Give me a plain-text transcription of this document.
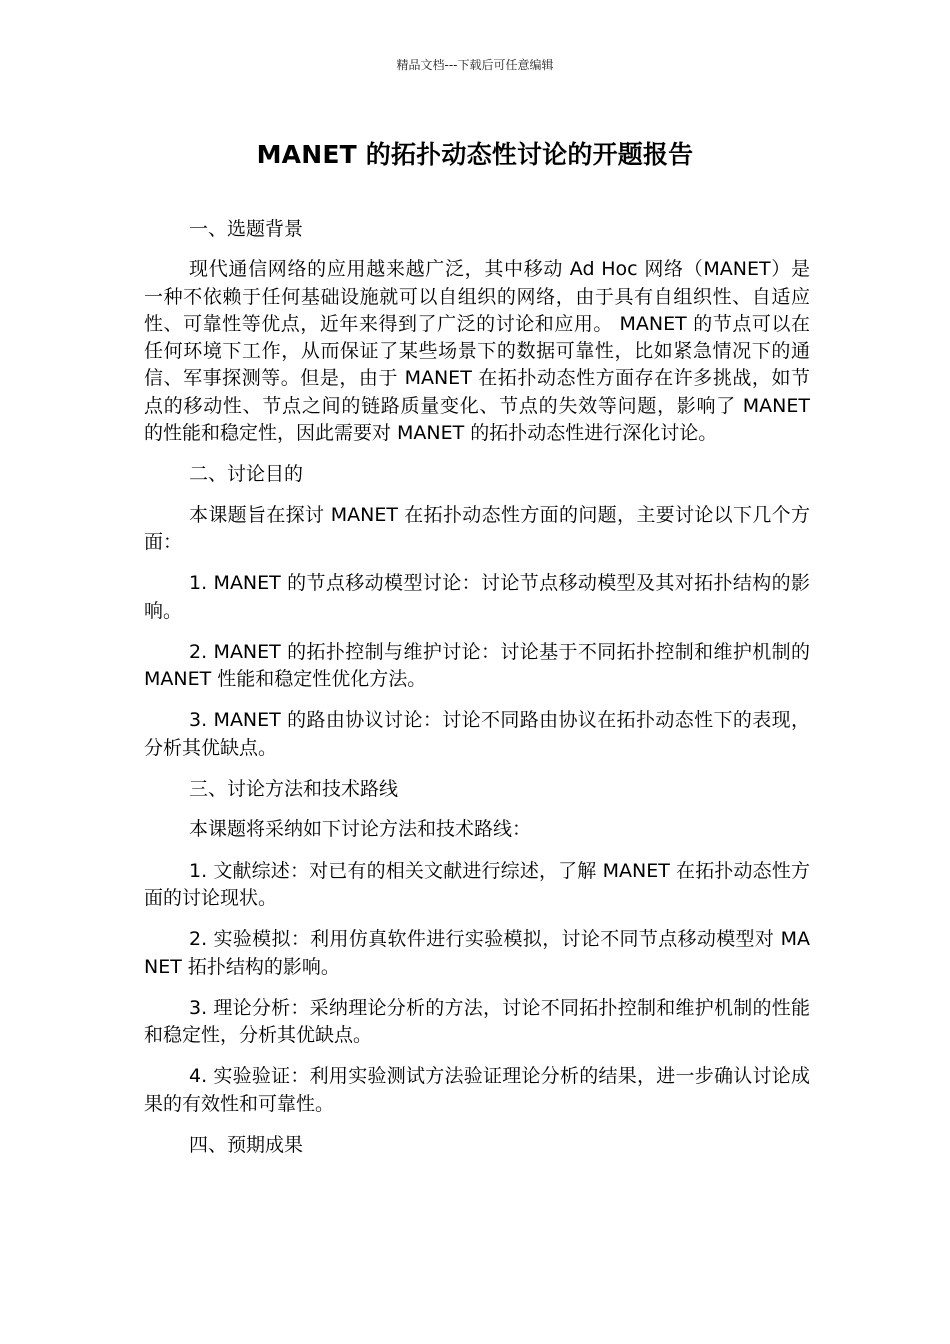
精品文档---下载后可任意编辑
MANET 的拓扑动态性讨论的开题报告

一、选题背景

现代通信网络的应用越来越广泛，其中移动 Ad Hoc 网络（MANET）是一种不依赖于任何基础设施就可以自组织的网络，由于具有自组织性、自适应性、可靠性等优点，近年来得到了广泛的讨论和应用。 MANET 的节点可以在任何环境下工作，从而保证了某些场景下的数据可靠性，比如紧急情况下的通信、军事探测等。但是，由于 MANET 在拓扑动态性方面存在许多挑战，如节点的移动性、节点之间的链路质量变化、节点的失效等问题，影响了 MANET 的性能和稳定性，因此需要对 MANET 的拓扑动态性进行深化讨论。

二、讨论目的

本课题旨在探讨 MANET 在拓扑动态性方面的问题，主要讨论以下几个方面：

1. MANET 的节点移动模型讨论：讨论节点移动模型及其对拓扑结构的影响。

2. MANET 的拓扑控制与维护讨论：讨论基于不同拓扑控制和维护机制的 MANET 性能和稳定性优化方法。

3. MANET 的路由协议讨论：讨论不同路由协议在拓扑动态性下的表现，分析其优缺点。

三、讨论方法和技术路线

本课题将采纳如下讨论方法和技术路线：

1. 文献综述：对已有的相关文献进行综述，了解 MANET 在拓扑动态性方面的讨论现状。

2. 实验模拟：利用仿真软件进行实验模拟，讨论不同节点移动模型对 MANET 拓扑结构的影响。

3. 理论分析：采纳理论分析的方法，讨论不同拓扑控制和维护机制的性能和稳定性，分析其优缺点。

4. 实验验证：利用实验测试方法验证理论分析的结果，进一步确认讨论成果的有效性和可靠性。

四、预期成果
